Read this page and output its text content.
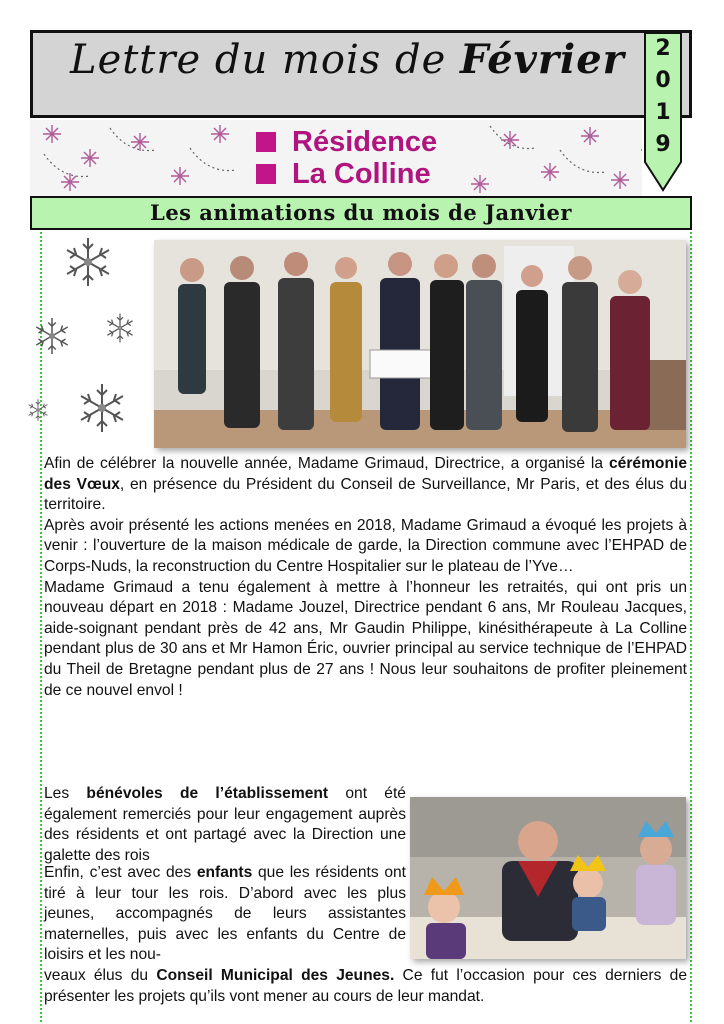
Lettre du mois de Février
Résidence
La Colline
2
0
1
9
Les animations du mois de Janvier

Afin de célébrer la nouvelle année, Madame Grimaud, Directrice, a organisé la cérémonie des Vœux, en présence du Président du Conseil de Surveillance, Mr Paris, et des élus du territoire.

Après avoir présenté les actions menées en 2018, Madame Grimaud a évoqué les projets à venir : l’ouverture de la maison médicale de garde, la Direction commune avec l’EHPAD de Corps-Nuds, la reconstruction du Centre Hospitalier sur le plateau de l’Yve…

Madame Grimaud a tenu également à mettre à l’honneur les retraités, qui ont pris un nouveau départ en 2018 : Madame Jouzel, Directrice pendant 6 ans, Mr Rouleau Jacques, aide-soignant pendant près de 42 ans, Mr Gaudin Philippe, kinésithérapeute à La Colline pendant plus de 30 ans et Mr Hamon Éric, ouvrier principal au service technique de l’EHPAD du Theil de Bretagne pendant plus de 27 ans ! Nous leur souhaitons de profiter pleinement de ce nouvel envol !

Les bénévoles de l’établissement ont été également remerciés pour leur engagement auprès des résidents et ont partagé avec la Direction une galette des rois
Enfin, c’est avec des enfants que les résidents ont tiré à leur tour les rois. D’abord avec les plus jeunes, accompagnés de leurs assistantes maternelles, puis avec les enfants du Centre de loisirs et les nou-
veaux élus du Conseil Municipal des Jeunes. Ce fut l’occasion pour ces derniers de présenter les projets qu’ils vont mener au cours de leur mandat.
